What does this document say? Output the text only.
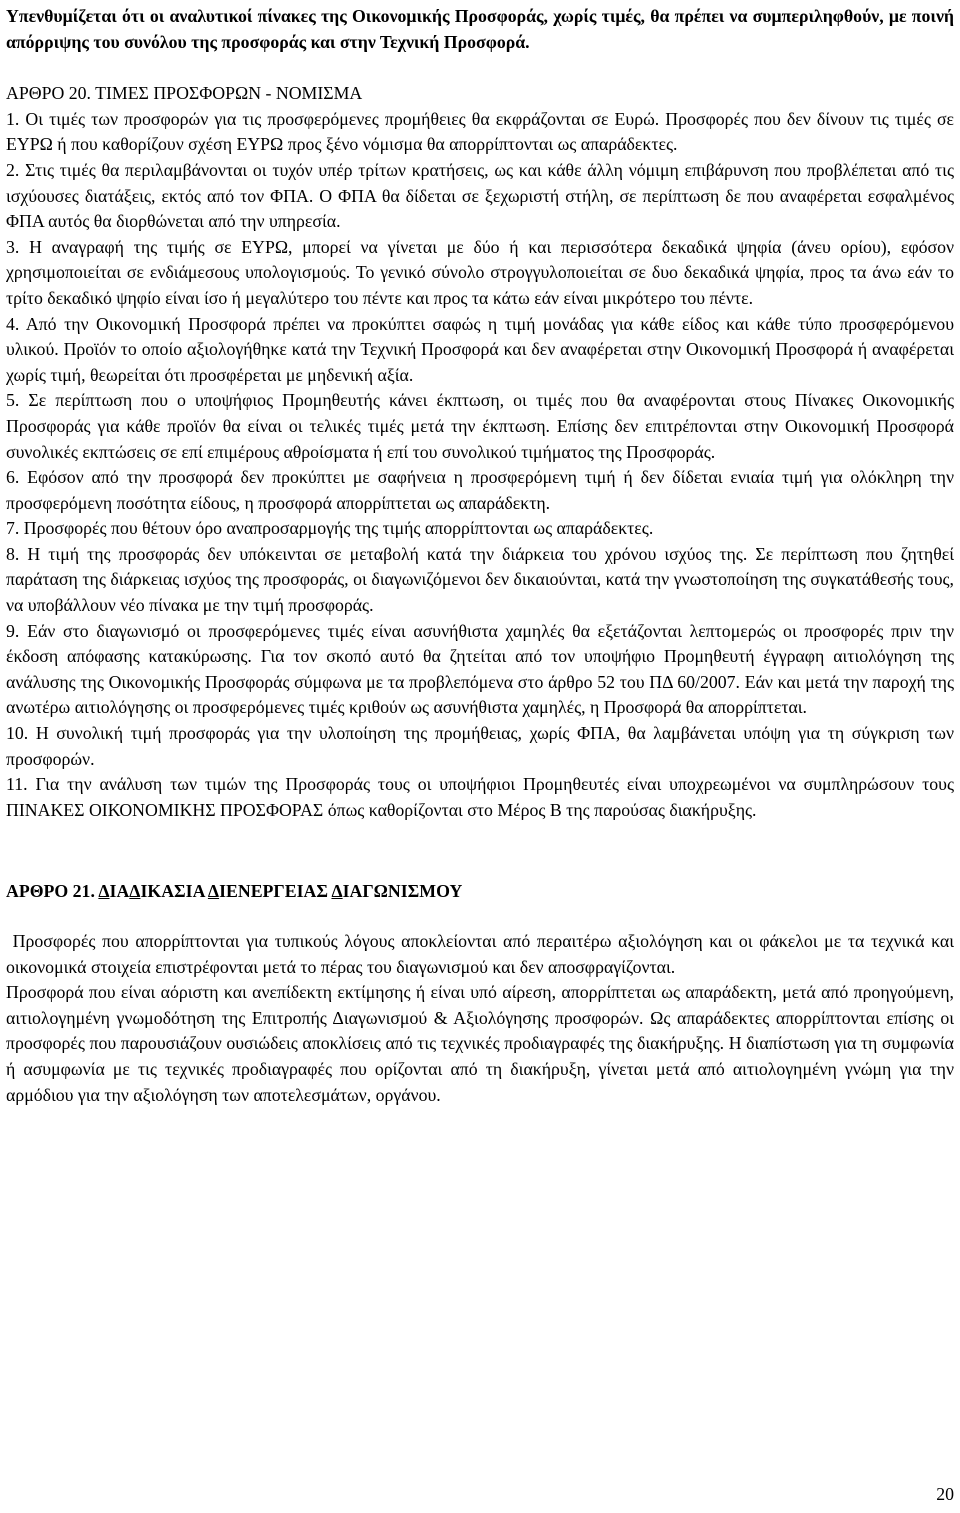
Υπενθυμίζεται ότι οι αναλυτικοί πίνακες της Οικονομικής Προσφοράς, χωρίς τιμές, θα πρέπει να συμπεριληφθούν, με ποινή απόρριψης του συνόλου της προσφοράς και στην Τεχνική Προσφορά.

ΑΡΘΡΟ 20. ΤΙΜΕΣ ΠΡΟΣΦΟΡΩΝ - ΝΟΜΙΣΜΑ

1. Οι τιμές των προσφορών για τις προσφερόμενες προμήθειες θα εκφράζονται σε Ευρώ. Προσφορές που δεν δίνουν τις τιμές σε ΕΥΡΩ ή που καθορίζουν σχέση ΕΥΡΩ προς ξένο νόμισμα θα απορρίπτονται ως απαράδεκτες.

2. Στις τιμές θα περιλαμβάνονται οι τυχόν υπέρ τρίτων κρατήσεις, ως και κάθε άλλη νόμιμη επιβάρυνση που προβλέπεται από τις ισχύουσες διατάξεις, εκτός από τον ΦΠΑ. Ο ΦΠΑ θα δίδεται σε ξεχωριστή στήλη, σε περίπτωση δε που αναφέρεται εσφαλμένος ΦΠΑ αυτός θα διορθώνεται από την υπηρεσία.

3. Η αναγραφή της τιμής σε ΕΥΡΩ, μπορεί να γίνεται με δύο ή και περισσότερα δεκαδικά ψηφία (άνευ ορίου), εφόσον χρησιμοποιείται σε ενδιάμεσους υπολογισμούς. Το γενικό σύνολο στρογγυλοποιείται σε δυο δεκαδικά ψηφία, προς τα άνω εάν το τρίτο δεκαδικό ψηφίο είναι ίσο ή μεγαλύτερο του πέντε και προς τα κάτω εάν είναι μικρότερο του πέντε.

4. Από την Οικονομική Προσφορά πρέπει να προκύπτει σαφώς η τιμή μονάδας για κάθε είδος και κάθε τύπο προσφερόμενου υλικού. Προϊόν το οποίο αξιολογήθηκε κατά την Τεχνική Προσφορά και δεν αναφέρεται στην Οικονομική Προσφορά ή αναφέρεται χωρίς τιμή, θεωρείται ότι προσφέρεται με μηδενική αξία.

5. Σε περίπτωση που ο υποψήφιος Προμηθευτής κάνει έκπτωση, οι τιμές που θα αναφέρονται στους Πίνακες Οικονομικής Προσφοράς για κάθε προϊόν θα είναι οι τελικές τιμές μετά την έκπτωση. Επίσης δεν επιτρέπονται στην Οικονομική Προσφορά συνολικές εκπτώσεις σε επί επιμέρους αθροίσματα ή επί του συνολικού τιμήματος της Προσφοράς.

6. Εφόσον από την προσφορά δεν προκύπτει με σαφήνεια η προσφερόμενη τιμή ή δεν δίδεται ενιαία τιμή για ολόκληρη την προσφερόμενη ποσότητα είδους, η προσφορά απορρίπτεται ως απαράδεκτη.

7. Προσφορές που θέτουν όρο αναπροσαρμογής της τιμής απορρίπτονται ως απαράδεκτες.

8. Η τιμή της προσφοράς δεν υπόκεινται σε μεταβολή κατά την διάρκεια του χρόνου ισχύος της. Σε περίπτωση που ζητηθεί παράταση της διάρκειας ισχύος της προσφοράς, οι διαγωνιζόμενοι δεν δικαιούνται, κατά την γνωστοποίηση της συγκατάθεσής τους, να υποβάλλουν νέο πίνακα με την τιμή προσφοράς.

9. Εάν στο διαγωνισμό οι προσφερόμενες τιμές είναι ασυνήθιστα χαμηλές θα εξετάζονται λεπτομερώς οι προσφορές πριν την έκδοση απόφασης κατακύρωσης. Για τον σκοπό αυτό θα ζητείται από τον υποψήφιο Προμηθευτή έγγραφη αιτιολόγηση της ανάλυσης της Οικονομικής Προσφοράς σύμφωνα με τα προβλεπόμενα στο άρθρο 52 του ΠΔ 60/2007. Εάν και μετά την παροχή της ανωτέρω αιτιολόγησης οι προσφερόμενες τιμές κριθούν ως ασυνήθιστα χαμηλές, η Προσφορά θα απορρίπτεται.

10. Η συνολική τιμή προσφοράς για την υλοποίηση της προμήθειας, χωρίς ΦΠΑ, θα λαμβάνεται υπόψη για τη σύγκριση των προσφορών.

11. Για την ανάλυση των τιμών της Προσφοράς τους οι υποψήφιοι Προμηθευτές είναι υποχρεωμένοι να συμπληρώσουν τους ΠΙΝΑΚΕΣ ΟΙΚΟΝΟΜΙΚΗΣ ΠΡΟΣΦΟΡΑΣ όπως καθορίζονται στο Μέρος Β της παρούσας διακήρυξης.

ΑΡΘΡΟ 21. ΔΙΑΔΙΚΑΣΙΑ ΔΙΕΝΕΡΓΕΙΑΣ ΔΙΑΓΩΝΙΣΜΟΥ

Προσφορές που απορρίπτονται για τυπικούς λόγους αποκλείονται από περαιτέρω αξιολόγηση και οι φάκελοι με τα τεχνικά και οικονομικά στοιχεία επιστρέφονται μετά το πέρας του διαγωνισμού και δεν αποσφραγίζονται.

Προσφορά που είναι αόριστη και ανεπίδεκτη εκτίμησης ή είναι υπό αίρεση, απορρίπτεται ως απαράδεκτη, μετά από προηγούμενη, αιτιολογημένη γνωμοδότηση της Επιτροπής Διαγωνισμού & Αξιολόγησης προσφορών. Ως απαράδεκτες απορρίπτονται επίσης οι προσφορές που παρουσιάζουν ουσιώδεις αποκλίσεις από τις τεχνικές προδιαγραφές της διακήρυξης. Η διαπίστωση για τη συμφωνία ή ασυμφωνία με τις τεχνικές προδιαγραφές που ορίζονται από τη διακήρυξη, γίνεται μετά από αιτιολογημένη γνώμη για την αρμόδιου για την αξιολόγηση των αποτελεσμάτων, οργάνου.

20
